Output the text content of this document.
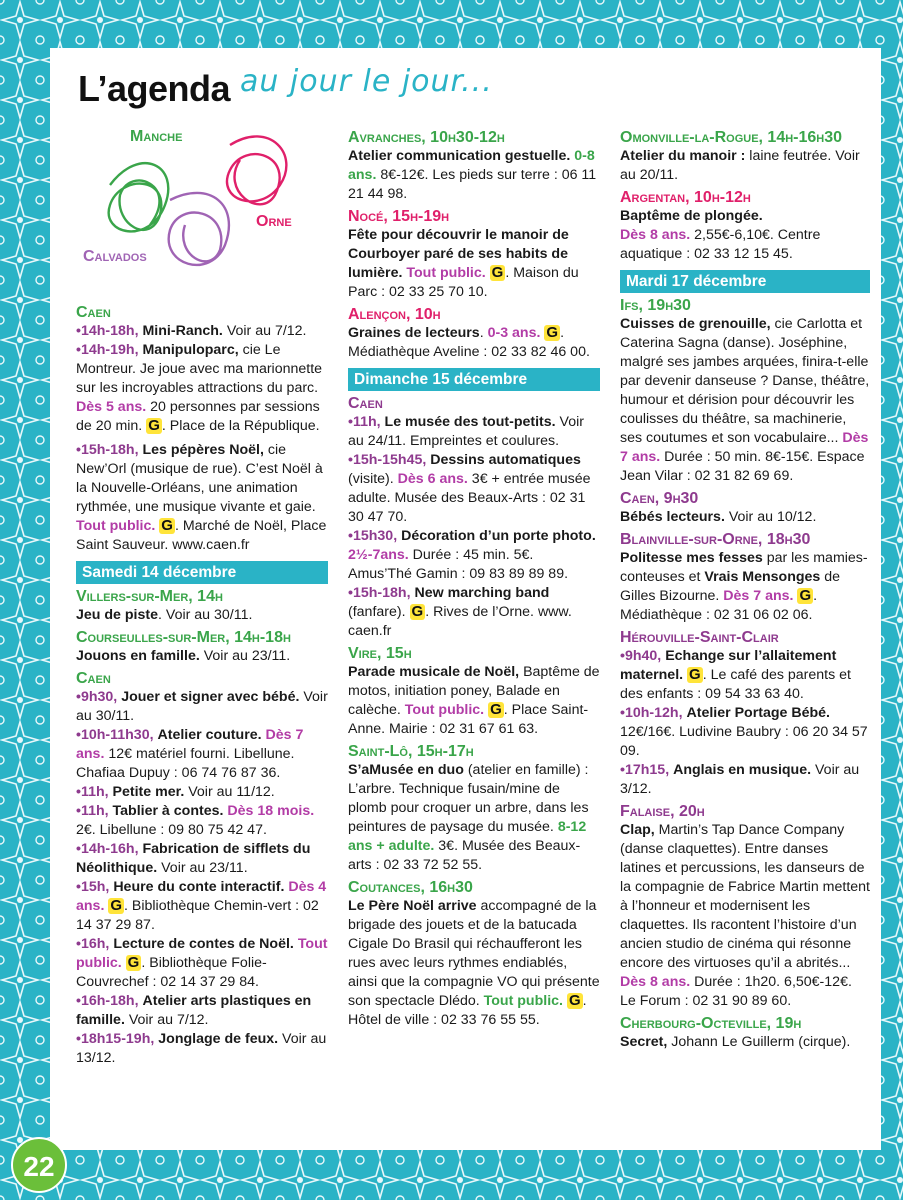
L’agenda au jour le jour...
Manche
Orne
Calvados
Caen

•14h-18h, Mini-Ranch. Voir au 7/12.

•14h-19h, Manipuloparc, cie Le Montreur. Je joue avec ma marionnette sur les incroyables attractions du parc. Dès 5 ans. 20 personnes par sessions de 20 min. G . Place de la République.

•15h-18h, Les pépères Noël, cie New’Orl (musique de rue). C’est Noël à la Nouvelle-Orléans, une animation rythmée, une musique vivante et gaie. Tout public. G . Marché de Noël, Place Saint Sauveur. www.caen.fr

Samedi 14 décembre
Villers-sur-Mer, 14h

Jeu de piste. Voir au 30/11.

Courseulles-sur-Mer, 14h-18h

Jouons en famille. Voir au 23/11.

Caen

•9h30, Jouer et signer avec bébé. Voir au 30/11.

•10h-11h30, Atelier couture. Dès 7 ans. 12€ matériel fourni. Libellune. Chafiaa Dupuy : 06 74 76 87 36.

•11h, Petite mer. Voir au 11/12.

•11h, Tablier à contes. Dès 18 mois. 2€. Libellune : 09 80 75 42 47.

•14h-16h, Fabrication de sifflets du Néolithique. Voir au 23/11.

•15h, Heure du conte interactif. Dès 4 ans. G . Bibliothèque Chemin-vert : 02 14 37 29 87.

•16h, Lecture de contes de Noël. Tout public. G . Bibliothèque Folie-Couvrechef : 02 14 37 29 84.

•16h-18h, Atelier arts plastiques en famille. Voir au 7/12.

•18h15-19h, Jonglage de feux. Voir au 13/12.

Avranches, 10h30-12h

Atelier communication gestuelle. 0-8 ans. 8€-12€. Les pieds sur terre : 06 11 21 44 98.

Nocé, 15h-19h

Fête pour découvrir le manoir de Courboyer paré de ses habits de lumière. Tout public. G . Maison du Parc : 02 33 25 70 10.

Alençon, 10h

Graines de lecteurs. 0-3 ans. G . Médiathèque Aveline : 02 33 82 46 00.

Dimanche 15 décembre
Caen

•11h, Le musée des tout-petits. Voir au 24/11. Empreintes et coulures.

•15h-15h45, Dessins automatiques (visite). Dès 6 ans. 3€ + entrée musée adulte. Musée des Beaux-Arts : 02 31 30 47 70.

•15h30, Décoration d’un porte photo. 2½-7ans. Durée : 45 min. 5€. Amus’Thé Gamin : 09 83 89 89 89.

•15h-18h, New marching band (fanfare). G . Rives de l’Orne. www. caen.fr

Vire, 15h

Parade musicale de Noël, Baptême de motos, initiation poney, Balade en calèche. Tout public. G . Place Saint-Anne. Mairie : 02 31 67 61 63.

Saint-Lô, 15h-17h

S’aMusée en duo (atelier en famille) : L’arbre. Technique fusain/mine de plomb pour croquer un arbre, dans les peintures de paysage du musée. 8-12 ans + adulte. 3€. Musée des Beaux-arts : 02 33 72 52 55.

Coutances, 16h30

Le Père Noël arrive accompagné de la brigade des jouets et de la batucada Cigale Do Brasil qui réchaufferont les rues avec leurs rythmes endiablés, ainsi que la compagnie VO qui présente son spectacle Dlédo. Tout public. G . Hôtel de ville : 02 33 76 55 55.

Omonville-la-Rogue, 14h-16h30

Atelier du manoir : laine feutrée. Voir au 20/11.

Argentan, 10h-12h

Baptême de plongée.
Dès 8 ans. 2,55€-6,10€. Centre aquatique : 02 33 12 15 45.

Mardi 17 décembre
Ifs, 19h30

Cuisses de grenouille, cie Carlotta et Caterina Sagna (danse). Joséphine, malgré ses jambes arquées, finira-t-elle par devenir danseuse ? Danse, théâtre, humour et dérision pour découvrir les coulisses du théâtre, sa machinerie, ses coutumes et son vocabulaire... Dès 7 ans. Durée : 50 min. 8€-15€. Espace Jean Vilar : 02 31 82 69 69.

Caen, 9h30

Bébés lecteurs. Voir au 10/12.

Blainville-sur-Orne, 18h30

Politesse mes fesses par les mamies-conteuses et Vrais Mensonges de Gilles Bizourne. Dès 7 ans. G . Médiathèque : 02 31 06 02 06.

Hérouville-Saint-Clair

•9h40, Echange sur l’allaitement maternel. G . Le café des parents et des enfants : 09 54 33 63 40.

•10h-12h, Atelier Portage Bébé. 12€/16€. Ludivine Baubry : 06 20 34 57 09.

•17h15, Anglais en musique. Voir au 3/12.

Falaise, 20h

Clap, Martin’s Tap Dance Company (danse claquettes). Entre danses latines et percussions, les danseurs de la compagnie de Fabrice Martin mettent à l’honneur et modernisent les claquettes. Ils racontent l’histoire d’un ancien studio de cinéma qui résonne encore des virtuoses qu’il a abrités... Dès 8 ans. Durée : 1h20. 6,50€-12€. Le Forum : 02 31 90 89 60.

Cherbourg-Octeville, 19h

Secret, Johann Le Guillerm (cirque).

22
